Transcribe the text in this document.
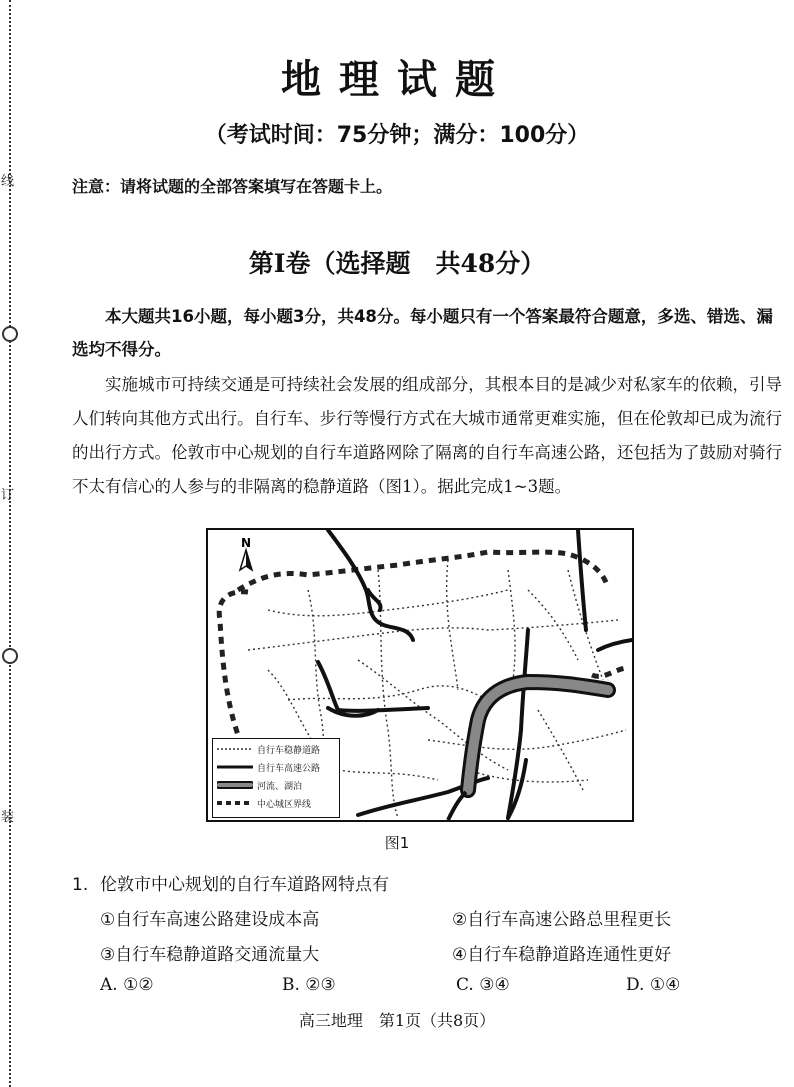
线
订
装
地理试题
（考试时间：75分钟；满分：100分）
注意：请将试题的全部答案填写在答题卡上。
第Ⅰ卷（选择题　共48分）
本大题共16小题，每小题3分，共48分。每小题只有一个答案最符合题意，多选、错选、漏选均不得分。
实施城市可持续交通是可持续社会发展的组成部分，其根本目的是减少对私家车的依赖，引导人们转向其他方式出行。自行车、步行等慢行方式在大城市通常更难实施，但在伦敦却已成为流行的出行方式。伦敦市中心规划的自行车道路网除了隔离的自行车高速公路，还包括为了鼓励对骑行不太有信心的人参与的非隔离的稳静道路（图1）。据此完成1~3题。
N
自行车稳静道路
自行车高速公路
河流、湖泊
中心城区界线
图1
1. 伦敦市中心规划的自行车道路网特点有
①自行车高速公路建设成本高	②自行车高速公路总里程更长
③自行车稳静道路交通流量大	④自行车稳静道路连通性更好
A. ①②	B. ②③	C. ③④	D. ①④
高三地理　第1页（共8页）
